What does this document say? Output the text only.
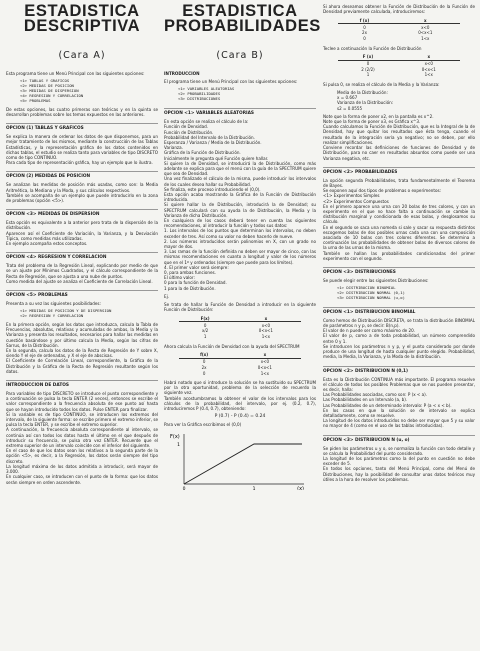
ESTADISTICA DESCRIPTIVA
(Cara A)

Esta programa tiene un Menú Principal con las siguientes opciones:

<1> TABLAS Y GRAFICOS
<2> MEDIDAS DE POSICION
<3> MEDIDAS DE DISPERSION
<4> REGRESION Y CORRELACION
<5> PROBLEMAS

De estas opciones, las cuatro primeras son teóricas y en la quinta se desarrollan problemas sobre los temas expuestos en las anteriores.

OPCION (1) TABLAS Y GRAFICOS

Se explica la manera de ordenar los datos de que disponemos, para un mejor tratamiento de los mismos, mediante la construcción de las Tablas Estadísticas, y la representación gráfica de los datos contenidos en dichas tablas, el estudio se realiza tanto para variables de tipo DISCRETO como de tipo CONTINUO.
Para cada tipo de representación gráfica, hay un ejemplo que lo ilustra.

OPCION (2) MEDIDAS DE POSICION

Se analizan las medidas de posición más usadas, como son: la Media Aritmética, la Mediana y la Moda, y sus cálculos respectivos.
También se acompaña de un ejemplo que puede introducirlo en la zona de problemas (opción <5>).

OPCION <3> MEDIDAS DE DISPERSION

Esta opción es equivalente a la anterior pero trata de la dispersión de la distribución.
Aparecen así el Coeficiente de Variación, la Varianza, y la Desviación Típica, como medidas más utilizadas.
En ejemplo acompaña estos conceptos.

OPCION <4> REGRESION Y CORRELACION

Trata del problema de la Regresión Lineal, explicando por medio de que se un ajuste por Mínimos Cuadrados, y el cálculo correspondiente de la Recta de Regresión, que se ajusta a una nube de puntos.
Como medida del ajuste se analiza el Coeficiente de Correlación Lineal.

OPCION <5> PROBLEMAS

Presenta a su vez las siguientes posibilidades:

<1> MEDIDAS DE POSICION Y DE DISPERSION
<2> REGRESION Y CORRELACION

En la primera opción, según los datos que introduzca, calcula la Tabla de Frecuencias, absolutas, relativas y acumuladas de ambas, la Media y la Varianza y presenta los resultados, necesarios para hallar las medidas en cuestión basándose y por último calcula la Media, según las cifras de Sarrus, de la Distribución.
En la segunda, calcula los datos de la Recta de Regresión de Y sobre X, siendo Y el eje de ordenadas, y X el eje de abscisas.
El Coeficiente de Correlación Lineal, correspondiente, la Gráfica de la Distribución y la Gráfica de la Recta de Regresión resultante según los datos.

INTRODUCCION DE DATOS

Para variables de tipo DISCRETO se introduce el punto correspondiente y a continuación se pulsa la tecla ENTER (2 veces), entonces se escribe el valor correspondiente a la frecuencia absoluta de ese punto así hasta que se hayan introducido todos los datos. Pulse ENTER para finalizar.
Si la variable es de tipo CONTINUO, se introducen los extremos del intervalo, de la siguiente forma: se escribe primero el extremo inferior, se pulsa la tecla ENTER, y se escribe el extremo superior.
A continuación, la frecuencia absoluta correspondiente al intervalo, se continúa así con todos los datos hasta el último en el que después de introducir su frecuencia, se pulsa otra vez ENTER. Recuerde que el extremo superior de un intervalo coincide con el inferior del siguiente.
En el caso de que los datos sean los relativos a la segunda parte de la opción <5>, es decir, a la Regresión, los datos serán siempre del tipo discreto.
La longitud máxima de los datos admitida a introducir, será mayor de 3.000.
En cualquier caso, se introducen con el punto de la forma: que los datos serán siempre en orden ascendente.

ESTADISTICA PROBABILIDADES
(Cara B)
INTRODUCCION

El programa tiene un Menú Principal con las siguientes opciones:

<1> VARIABLES ALEATORIAS
<2> PROBABILIDADES
<3> DISTRIBUCIONES
OPCION <1> VARIABLES ALEATORIAS

En esta opción se realiza el cálculo de la:
Función de Densidad.
Función de Distribución.
Probabilidad del Intervalo de la Distribución.
Esperanza / Varianza / Media de la Distribución.
Varianza.
Gráfica de la Función de Distribución.
Inicialmente le pregunta qué Función quiere hallar.
Si quiere la de Densidad, se introducirá la de Distribución, como más adelante se explica para que el menú con la guía de la SPECTRUM quiere que sea de Densidad.
Una vez finalizado el cálculo de la misma, puede introducir los intervalos de los cuales desea hallar su Probabilidad.
Se finaliza, este proceso introduciendo el (0,0).
Esta opción acaba mostrando la Gráfica de la Función de Distribución introducida.
Si quiere hallar la de Distribución, introducirá la de Densidad; su SPECTRUM calculará con su ayuda la de Distribución, la Media y la Varianza de dicha Distribución.
En cualquiera de los casos deberá tener en cuenta las siguientes recomendaciones, al introducir la función y todos sus datos:
1. Los intervalos de los puntos que determinan los intervalos, no deben exceder de tres. Así como su valor no deben hacerlo de nueve.
2. Los números introducidos serán polinomios en X, con un grado no mayor de dos.
3. Las ramas de la función definida no deben ser mayor de cinco, con las mismas recomendaciones en cuanto a longitud y valor de los números que en el 1º y ordenados (siempre que puede para los límites).
4. El primer valor será siempre:
0, para ambas funciones.
El último valor:
0 para la función de Densidad.
1 para la de Distribución.

Ej.

Se trata de hallar la Función de Densidad a introducir en la siguiente Función de Distribución:

F(x)	x
0	x<0
x/2	0<x<1
1	1<x

Ahora calcula la Función de Densidad con la ayuda del SPECTRUM

f(x)	x
0	x<0
2x	0<x<1
0	1<x

Habrá notado que si introduce la solución se ha sustituido su SPECTRUM por la otra oportunidad, problema de la selección de recuerdo la siguiente vez.
También acostumbramos la obtener el valor de los intervalos para los cálculos de la probabilidad, del intervalo, por ej. (0.2, 0.7), introduciremos P (0.4, 0.7), obteniendo:

P (0.7) - P (0.4) = 0.24

Para ver la Gráfica escribimos el (0,0)

F(x)
(x)
0	1
1

Si ahora deseamos obtener la Función de Distribución de la Función de Densidad previamente calculada, introduciremos:

f (x)	x
0	x<0
2x	0<x<1
0	1<x

Teclee a continuación la Función de Distribución

F (x)	x
0	x<0
2 (2/2)	0<x<1
1	1<x

Si pulsa 0, se realiza el cálculo de la Media y la Varianza:

Media de la Distribución:
x = 0.667
Varianza de la Distribución:
s2 = 0.0555

Note que la forma de poner x2, en la pantalla es x^2.
Note que la forma de poner x3, es Gráfica x^3.
Cuando calculamos la Función de Distribución, que es la Integral de la de Densidad, hay que quitar los resultados que ésta tenga, cuando el resultado de la integración sería ya negativo; no se deben, por ello realizar simplificaciones.
Conviene recordar las definiciones de funciones de Densidad y de Distribución, para no caer en resultados absurdos como puede ser una Varianza negativa, etc.

OPCION <2> PROBABILIDADES

La opción segunda Probabilidades, trata fundamentalmente el Teorema de Bayes.
Se exponen aquí dos tipos de problemas o experimentos:
<1> Experimentos Simples
<2> Experimentos Compuestos
En el primero aparece una urna con 20 bolas de tres colores, y con un experimento en el que no hace falta a continuación se cambie la distribución marginal y condicionada de esas bolas, y desglosamos su cálculo.
En el segundo se saca una nomeda si sale y sacar su respuesta distintos escogemos bolas de dos posibles urnas cada una con una composición asociada de 10 bolas con tres colores diferentes. Se determina a continuación las probabilidades de obtener bolas de diversos colores de la urna de las urnas de la misma.
También se hallan las probabilidades condicionadas del primer experimento con el segundo.

OPCION <3> DISTRIBUCIONES

Se puede elegir entre las siguientes Distribuciones:

<1> DISTRIBUCION BINOMIAL
<2> DISTRIBUCION NORMAL (0,1)
<3> DISTRIBUCION NORMAL (u,o)
OPCION <1> DISTRIBUCION BINOMIAL

Como hemos de Distribución DISCRETA, se trata la distribución BINOMIAL de parámetros n y p, se decir: B(n,p).
El valor de n puede ser como máximo de 20.
El valor de p, como a de toda probabilidad, un número comprendido entre 0 y 1.
Se introducen los parámetros n y p, y el punto considerado por donde produce de una longitud de hasta cualquier punto elegido. Probabilidad, media, la Media, la Varianza, y la Moda de la distribución.

OPCION <2> DISTRIBUCION N (0,1)

Esta es la Distribución CONTINUA más importante. El programa resuelve el cálculo de todos los posibles Problemas que se nos pueden presentar, es decir, halla:
Las Probabilidades asociadas, como son: P (x < a).
Las Probabilidades en un Intervalo (a, b).
Las Probabilidades de un determinado intervalo: P (a < x < b).
En los casos en que la solución se de intervalo se explica detalladamente, como se resuelve.
La longitud de los datos introducidos no debe ser mayor que 5 y su valor no mayor de 4 (como en el uso de las tablas introducidas).

OPCION <3> DISTRIBUCION N (u, o)

Se piden los parámetros u y o, se normaliza la función con todo detalle y se calcula la Probabilidad del punto considerado.
La longitud de los parámetros como la del punto en cuestión no debe exceder de 5.
En todos los opciones, tanto del Menú Principal, como del Menú de Distribuciones, hay la posibilidad de consultar unas datos teóricos muy útiles a la hora de resolver los problemas.
